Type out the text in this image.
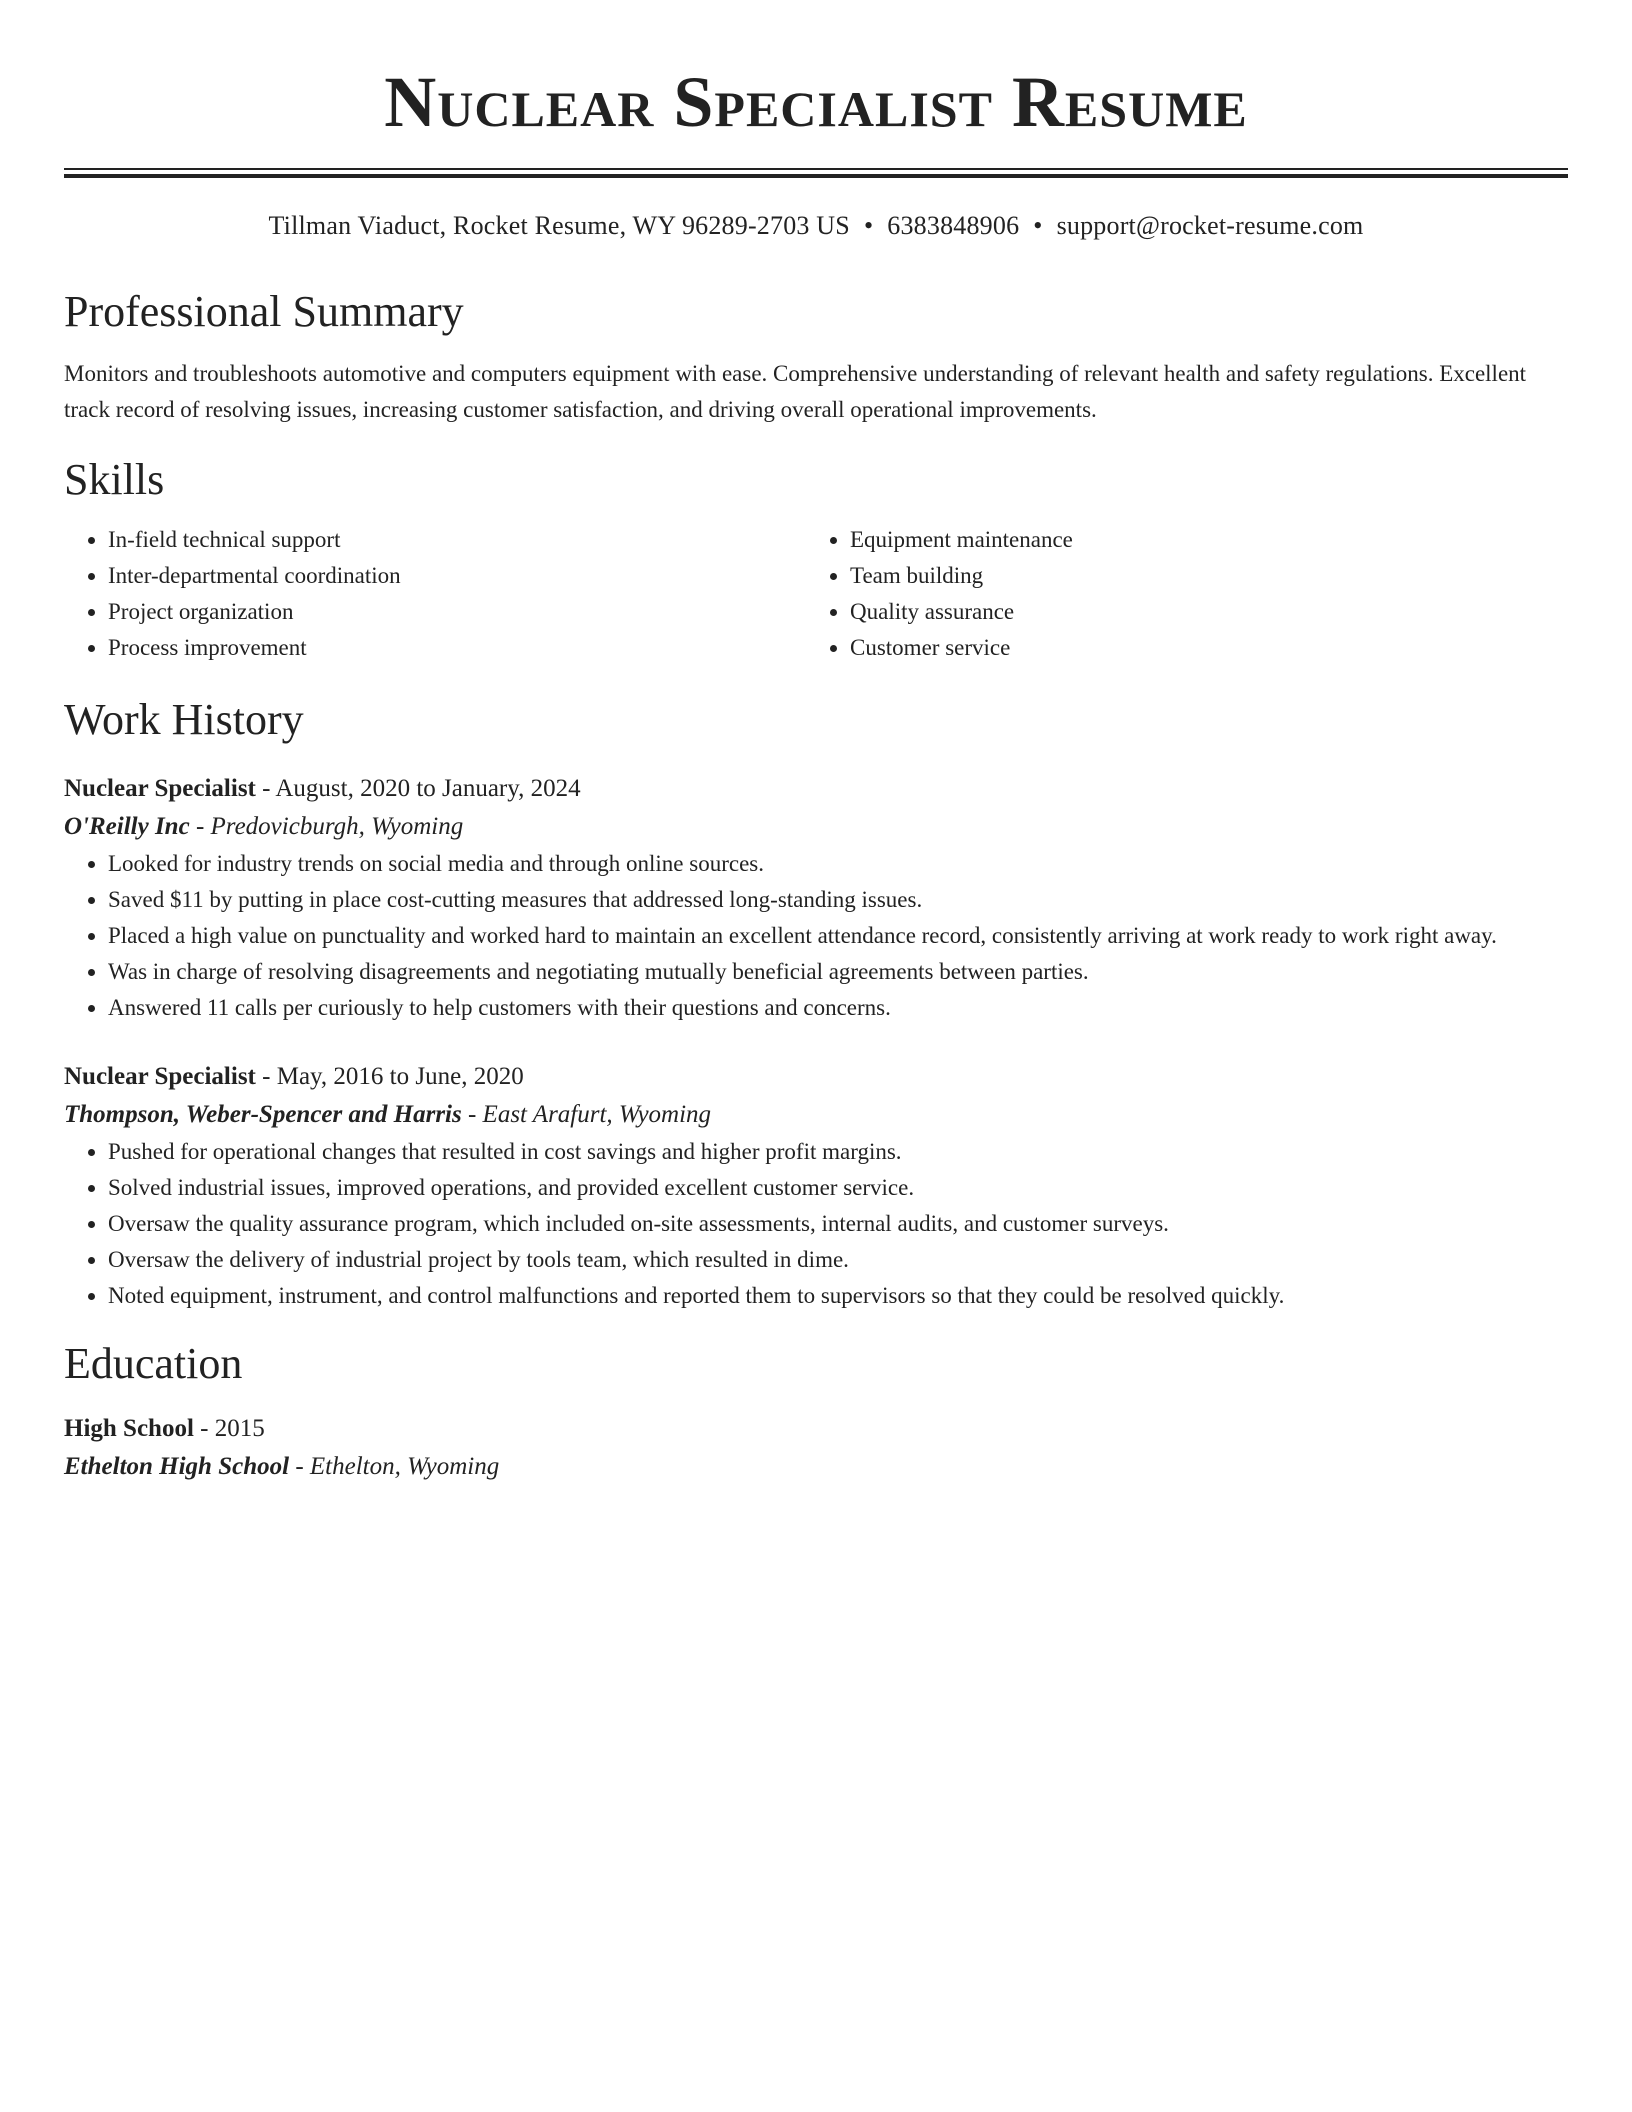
Nuclear Specialist Resume
Tillman Viaduct, Rocket Resume, WY 96289-2703 US • 6383848906 • support@rocket-resume.com
Professional Summary
Monitors and troubleshoots automotive and computers equipment with ease. Comprehensive understanding of relevant health and safety regulations. Excellent track record of resolving issues, increasing customer satisfaction, and driving overall operational improvements.
Skills
• In-field technical support
• Inter-departmental coordination
• Project organization
• Process improvement
• Equipment maintenance
• Team building
• Quality assurance
• Customer service
Work History
Nuclear Specialist - August, 2020 to January, 2024
O'Reilly Inc - Predovicburgh, Wyoming
• Looked for industry trends on social media and through online sources.
• Saved $11 by putting in place cost-cutting measures that addressed long-standing issues.
• Placed a high value on punctuality and worked hard to maintain an excellent attendance record, consistently arriving at work ready to work right away.
• Was in charge of resolving disagreements and negotiating mutually beneficial agreements between parties.
• Answered 11 calls per curiously to help customers with their questions and concerns.
Nuclear Specialist - May, 2016 to June, 2020
Thompson, Weber-Spencer and Harris - East Arafurt, Wyoming
• Pushed for operational changes that resulted in cost savings and higher profit margins.
• Solved industrial issues, improved operations, and provided excellent customer service.
• Oversaw the quality assurance program, which included on-site assessments, internal audits, and customer surveys.
• Oversaw the delivery of industrial project by tools team, which resulted in dime.
• Noted equipment, instrument, and control malfunctions and reported them to supervisors so that they could be resolved quickly.
Education
High School - 2015
Ethelton High School - Ethelton, Wyoming
